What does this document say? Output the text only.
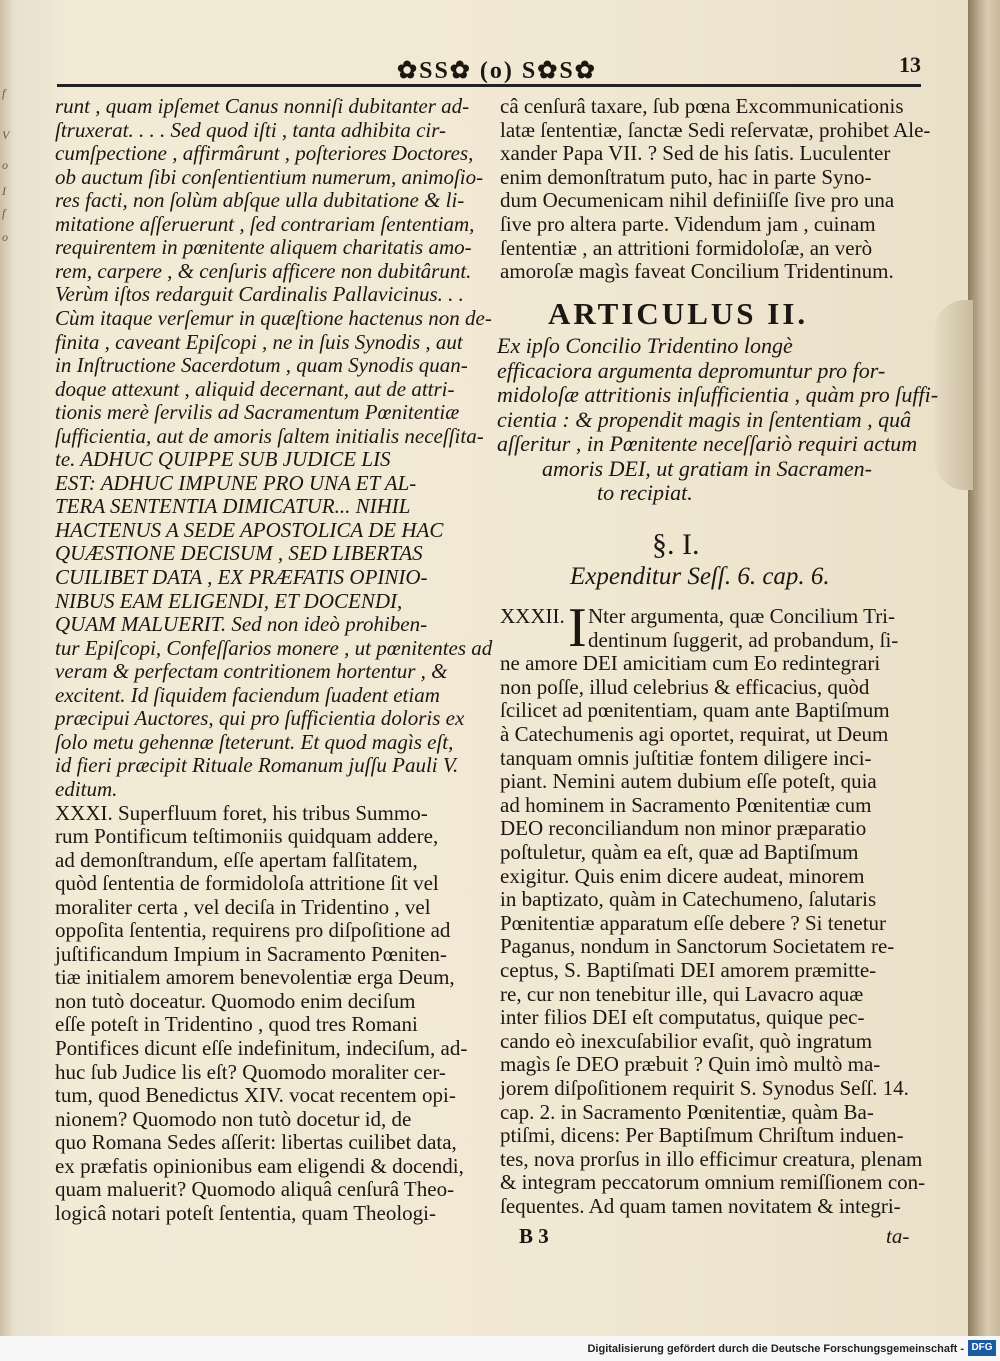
f
V
o
I
f
o
✿SS✿ (o) S✿S✿	13
runt , quam ipſemet Canus nonniſi dubitanter ad-
ſtruxerat. . . . Sed quod iſti , tanta adhibita cir-
cumſpectione , affirmârunt , poſteriores Doctores,
ob auctum ſibi conſentientium numerum, animoſio-
res facti, non ſolùm abſque ulla dubitatione & li-
mitatione aſſeruerunt , ſed contrariam ſententiam,
requirentem in pœnitente aliquem charitatis amo-
rem, carpere , & cenſuris afficere non dubitârunt.
Verùm iſtos redarguit Cardinalis Pallavicinus. . .
Cùm itaque verſemur in quæſtione hactenus non de-
finita , caveant Epiſcopi , ne in ſuis Synodis , aut
in Inſtructione Sacerdotum , quam Synodis quan-
doque attexunt , aliquid decernant, aut de attri-
tionis merè ſervilis ad Sacramentum Pœnitentiæ
ſufficientia, aut de amoris ſaltem initialis neceſſita-
te. ADHUC QUIPPE SUB JUDICE LIS
EST: ADHUC IMPUNE PRO UNA ET AL-
TERA SENTENTIA DIMICATUR... NIHIL
HACTENUS A SEDE APOSTOLICA DE HAC
QUÆSTIONE DECISUM , SED LIBERTAS
CUILIBET DATA , EX PRÆFATIS OPINIO-
NIBUS EAM ELIGENDI, ET DOCENDI,
QUAM MALUERIT. Sed non ideò prohiben-
tur Epiſcopi, Confeſſarios monere , ut pœnitentes ad
veram & perfectam contritionem hortentur , &
excitent. Id ſiquidem faciendum ſuadent etiam
præcipui Auctores, qui pro ſufficientia doloris ex
ſolo metu gehennæ ſteterunt. Et quod magìs eſt,
id fieri præcipit Rituale Romanum juſſu Pauli V.
editum.
XXXI. Superfluum foret, his tribus Summo-
rum Pontificum teſtimoniis quidquam addere,
ad demonſtrandum, eſſe apertam falſitatem,
quòd ſententia de formidoloſa attritione ſit vel
moraliter certa , vel deciſa in Tridentino , vel
oppoſita ſententia, requirens pro diſpoſitione ad
juſtificandum Impium in Sacramento Pœniten-
tiæ initialem amorem benevolentiæ erga Deum,
non tutò doceatur. Quomodo enim deciſum
eſſe poteſt in Tridentino , quod tres Romani
Pontifices dicunt eſſe indefinitum, indeciſum, ad-
huc ſub Judice lis eſt? Quomodo moraliter cer-
tum, quod Benedictus XIV. vocat recentem opi-
nionem? Quomodo non tutò docetur id, de
quo Romana Sedes aſſerit: libertas cuilibet data,
ex præfatis opinionibus eam eligendi & docendi,
quam maluerit? Quomodo aliquâ cenſurâ Theo-
logicâ notari poteſt ſententia, quam Theologi-
câ cenſurâ taxare, ſub pœna Excommunicationis
latæ ſententiæ, ſanctæ Sedi reſervatæ, prohibet Ale-
xander Papa VII. ? Sed de his ſatis. Luculenter
enim demonſtratum puto, hac in parte Syno-
dum Oecumenicam nihil definiiſſe ſive pro una
ſive pro altera parte. Videndum jam , cuinam
ſententiæ , an attritioni formidoloſæ, an verò
amoroſæ magìs faveat Concilium Tridentinum.
ARTICULUS II.
Ex ipſo Concilio Tridentino longè
efficaciora argumenta depromuntur pro for-
midoloſæ attritionis inſufficientia , quàm pro ſuffi-
cientia : & propendit magis in ſententiam , quâ
aſſeritur , in Pœnitente neceſſariò requiri actum
amoris DEI, ut gratiam in Sacramen-
to recipiat.
§. I.
Expenditur Seſſ. 6. cap. 6.
XXXII. I Nter argumenta, quæ Concilium Tri-
dentinum ſuggerit, ad probandum, ſi-
ne amore DEI amicitiam cum Eo redintegrari
non poſſe, illud celebrius & efficacius, quòd
ſcilicet ad pœnitentiam, quam ante Baptiſmum
à Catechumenis agi oportet, requirat, ut Deum
tanquam omnis juſtitiæ fontem diligere inci-
piant. Nemini autem dubium eſſe poteſt, quia
ad hominem in Sacramento Pœnitentiæ cum
DEO reconciliandum non minor præparatio
poſtuletur, quàm ea eſt, quæ ad Baptiſmum
exigitur. Quis enim dicere audeat, minorem
in baptizato, quàm in Catechumeno, ſalutaris
Pœnitentiæ apparatum eſſe debere ? Si tenetur
Paganus, nondum in Sanctorum Societatem re-
ceptus, S. Baptiſmati DEI amorem præmitte-
re, cur non tenebitur ille, qui Lavacro aquæ
inter filios DEI eſt computatus, quique pec-
cando eò inexcuſabilior evaſit, quò ingratum
magìs ſe DEO præbuit ? Quin imò multò ma-
jorem diſpoſitionem requirit S. Synodus Seſſ. 14.
cap. 2. in Sacramento Pœnitentiæ, quàm Ba-
ptiſmi, dicens: Per Baptiſmum Chriſtum induen-
tes, nova prorſus in illo efficimur creatura, plenam
& integram peccatorum omnium remiſſionem con-
ſequentes. Ad quam tamen novitatem & integri-
B 3	ta-
Digitalisierung gefördert durch die Deutsche Forschungsgemeinschaft - DFG
